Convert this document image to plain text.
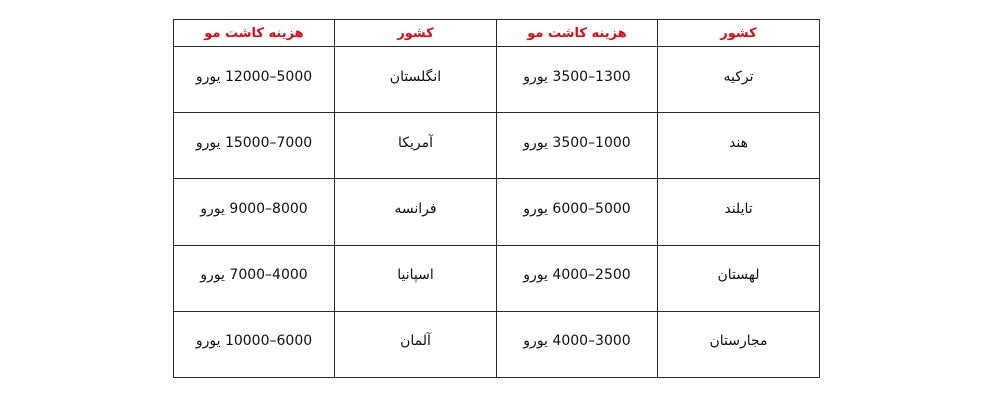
کشور	هزینه کاشت مو	کشور	هزینه کاشت مو
ترکیه	1300–3500 یورو	انگلستان	5000–12000 یورو
هند	1000–3500 یورو	آمریکا	7000–15000 یورو
تایلند	5000–6000 یورو	فرانسه	8000–9000 یورو
لهستان	2500–4000 یورو	اسپانیا	4000–7000 یورو
مجارستان	3000–4000 یورو	آلمان	6000–10000 یورو
